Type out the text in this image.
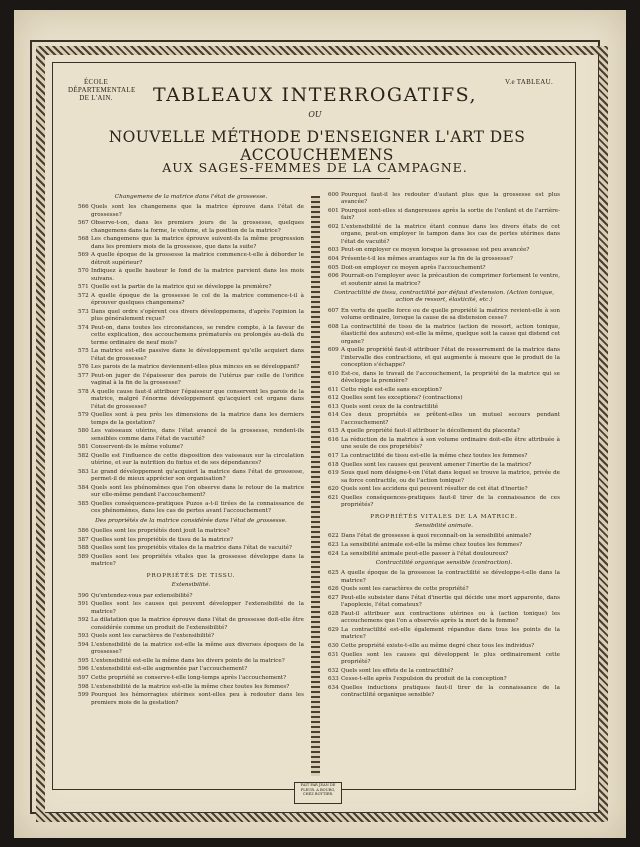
ÉCOLE DÉPARTEMENTALE DE L'AIN.
V.e TABLEAU.
TABLEAUX INTERROGATIFS,
OU
NOUVELLE MÉTHODE D'ENSEIGNER L'ART DES ACCOUCHEMENS
AUX SAGES-FEMMES DE LA CAMPAGNE.
Changemens de la matrice dans l'état de grossesse.
566 Quels sont les changemens que la matrice éprouve dans l'état de grossesse?
567 Observe-t-on, dans les premiers jours de la grossesse, quelques changemens dans la forme, le volume, et la position de la matrice?
568 Les changemens que la matrice éprouve suivent-ils la même progression dans les premiers mois de la grossesse, que dans la suite?
569 A quelle époque de la grossesse la matrice commence-t-elle à déborder le détroit supérieur?
570 Indiquez à quelle hauteur le fond de la matrice parvient dans les mois suivans.
571 Quelle est la partie de la matrice qui se développe la première?
572 A quelle époque de la grossesse le col de la matrice commence-t-il à éprouver quelques changemens?
573 Dans quel ordre s'opèrent ces divers développemens, d'après l'opinion la plus généralement reçue?
574 Peut-on, dans toutes les circonstances, se rendre compte, à la faveur de cette explication, des accouchemens prématurés ou prolongés au-delà du terme ordinaire de neuf mois?
575 La matrice est-elle passive dans le développement qu'elle acquiert dans l'état de grossesse?
576 Les parois de la matrice deviennent-elles plus minces en se développant?
577 Peut-on juger de l'épaisseur des parois de l'utérus par celle de l'orifice vaginal à la fin de la grossesse?
578 A quelle cause faut-il attribuer l'épaisseur que conservent les parois de la matrice, malgré l'énorme développement qu'acquiert cet organe dans l'état de grossesse?
579 Quelles sont à peu près les dimensions de la matrice dans les derniers temps de la gestation?
580 Les vaisseaux utérins, dans l'état avancé de la grossesse, rendent-ils sensibles comme dans l'état de vacuité?
581 Conservent-ils le même volume?
582 Quelle est l'influence de cette disposition des vaisseaux sur la circulation utérine, et sur la nutrition du fœtus et de ses dépendances?
583 Le grand développement qu'acquiert la matrice dans l'état de grossesse, permet-il de mieux apprécier son organisation?
584 Quels sont les phénomènes que l'on observe dans le retour de la matrice sur elle-même pendant l'accouchement?
585 Quelles conséquences-pratiques Puzos a-t-il tirées de la connaissance de ces phénomènes, dans les cas de pertes avant l'accouchement?
Des propriétés de la matrice considérée dans l'état de grossesse.
586 Quelles sont les propriétés dont jouit la matrice?
587 Quelles sont les propriétés de tissu de la matrice?
588 Quelles sont les propriétés vitales de la matrice dans l'état de vacuité?
589 Quelles sont les propriétés vitales que la grossesse développe dans la matrice?
PROPRIÉTÉS DE TISSU.
Extensibilité.
590 Qu'entendez-vous par extensibilité?
591 Quelles sont les causes qui peuvent développer l'extensibilité de la matrice?
592 La dilatation que la matrice éprouve dans l'état de grossesse doit-elle être considérée comme un produit de l'extensibilité?
593 Quels sont les caractères de l'extensibilité?
594 L'extensibilité de la matrice est-elle la même aux diverses époques de la grossesse?
595 L'extensibilité est-elle la même dans les divers points de la matrice?
596 L'extensibilité est-elle augmentée par l'accouchement?
597 Cette propriété se conserve-t-elle long-temps après l'accouchement?
598 L'extensibilité de la matrice est-elle la même chez toutes les femmes?
599 Pourquoi les hémorragies utérines sont-elles peu à redouter dans les premiers mois de la gestation?
600 Pourquoi faut-il les redouter d'autant plus que la grossesse est plus avancée?
601 Pourquoi sont-elles si dangereuses après la sortie de l'enfant et de l'arrière-faix?
602 L'extensibilité de la matrice étant connue dans les divers états de cet organe, peut-on employer le tampon dans les cas de pertes utérines dans l'état de vacuité?
603 Peut-on employer ce moyen lorsque la grossesse est peu avancée?
604 Présente-t-il les mêmes avantages sur la fin de la grossesse?
605 Doit-on employer ce moyen après l'accouchement?
606 Pourrait-on l'employer avec la précaution de comprimer fortement le ventre, et soutenir ainsi la matrice?
Contractilité de tissu, contractilité par défaut d'extension. (Action tonique, action de ressort, élasticité, etc.)
607 En vertu de quelle force ou de quelle propriété la matrice revient-elle à son volume ordinaire, lorsque la cause de sa distension cesse?
608 La contractilité de tissu de la matrice (action de ressort, action tonique, élasticité des auteurs) est-elle la même, quelque soit la cause qui distend cet organe?
609 A quelle propriété faut-il attribuer l'état de resserrement de la matrice dans l'intervalle des contractions, et qui augmente à mesure que le produit de la conception s'échappe?
610 Est-ce, dans le travail de l'accouchement, la propriété de la matrice qui se développe la première?
611 Cette règle est-elle sans exception?
612 Quelles sont les exceptions? (contractions)
613 Quels sont ceux de la contractilité
614 Ces deux propriétés se prêtent-elles un mutuel secours pendant l'accouchement?
615 A quelle propriété faut-il attribuer le décollement du placenta?
616 La réduction de la matrice à son volume ordinaire doit-elle être attribuée à une seule de ces propriétés?
617 La contractilité de tissu est-elle la même chez toutes les femmes?
618 Quelles sont les causes qui peuvent amener l'inertie de la matrice?
619 Sous quel nom désigne-t-on l'état dans lequel se trouve la matrice, privée de sa force contractile, ou de l'action tonique?
620 Quels sont les accidens qui peuvent résulter de cet état d'inertie?
621 Quelles conséquences-pratiques faut-il tirer de la connaissance de ces propriétés?
PROPRIÉTÉS VITALES DE LA MATRICE.
Sensibilité animale.
622 Dans l'état de grossesse à quoi reconnaît-on la sensibilité animale?
623 La sensibilité animale est-elle la même chez toutes les femmes?
624 La sensibilité animale peut-elle passer à l'état douloureux?
Contractilité organique sensible (contraction).
625 A quelle époque de la grossesse la contractilité se développe-t-elle dans la matrice?
626 Quels sont les caractères de cette propriété?
627 Peut-elle subsister dans l'état d'inertie qui décide une mort apparente, dans l'apoplexie, l'état comateux?
628 Faut-il attribuer aux contractions utérines ou à (action tonique) les accouchemens que l'on a observés après la mort de la femme?
629 La contractilité est-elle également répandue dans tous les points de la matrice?
630 Cette propriété existe-t-elle au même degré chez tous les individus?
631 Quelles sont les causes qui développent le plus ordinairement cette propriété?
632 Quels sont les effets de la contractilité?
633 Cesse-t-elle après l'expulsion du produit de la conception?
634 Quelles inductions pratiques faut-il tirer de la connaissance de la contractilité organique sensible?
FAIT PAR JEAN DE FLEUR. A BOURG, CHEZ BOTTIER.
